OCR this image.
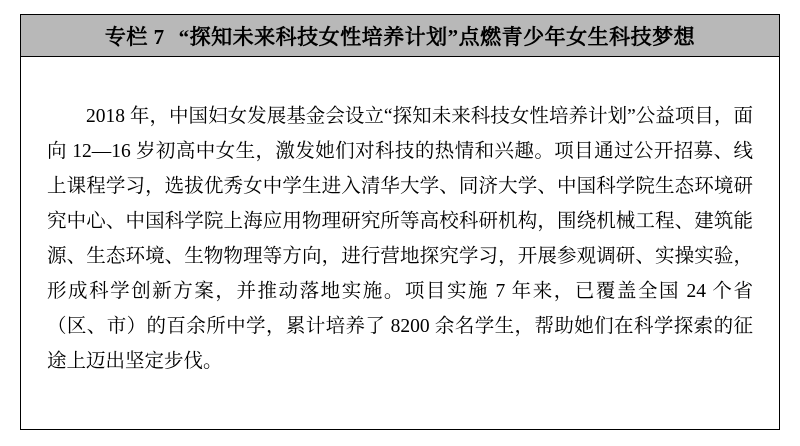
专栏 7 “探知未来科技女性培养计划”点燃青少年女生科技梦想

2018 年，中国妇女发展基金会设立“探知未来科技女性培养计划”公益项目，面向 12—16 岁初高中女生，激发她们对科技的热情和兴趣。项目通过公开招募、线上课程学习，选拔优秀女中学生进入清华大学、同济大学、中国科学院生态环境研究中心、中国科学院上海应用物理研究所等高校科研机构，围绕机械工程、建筑能源、生态环境、生物物理等方向，进行营地探究学习，开展参观调研、实操实验，形成科学创新方案，并推动落地实施。项目实施 7 年来，已覆盖全国 24 个省（区、市）的百余所中学，累计培养了 8200 余名学生，帮助她们在科学探索的征途上迈出坚定步伐。
